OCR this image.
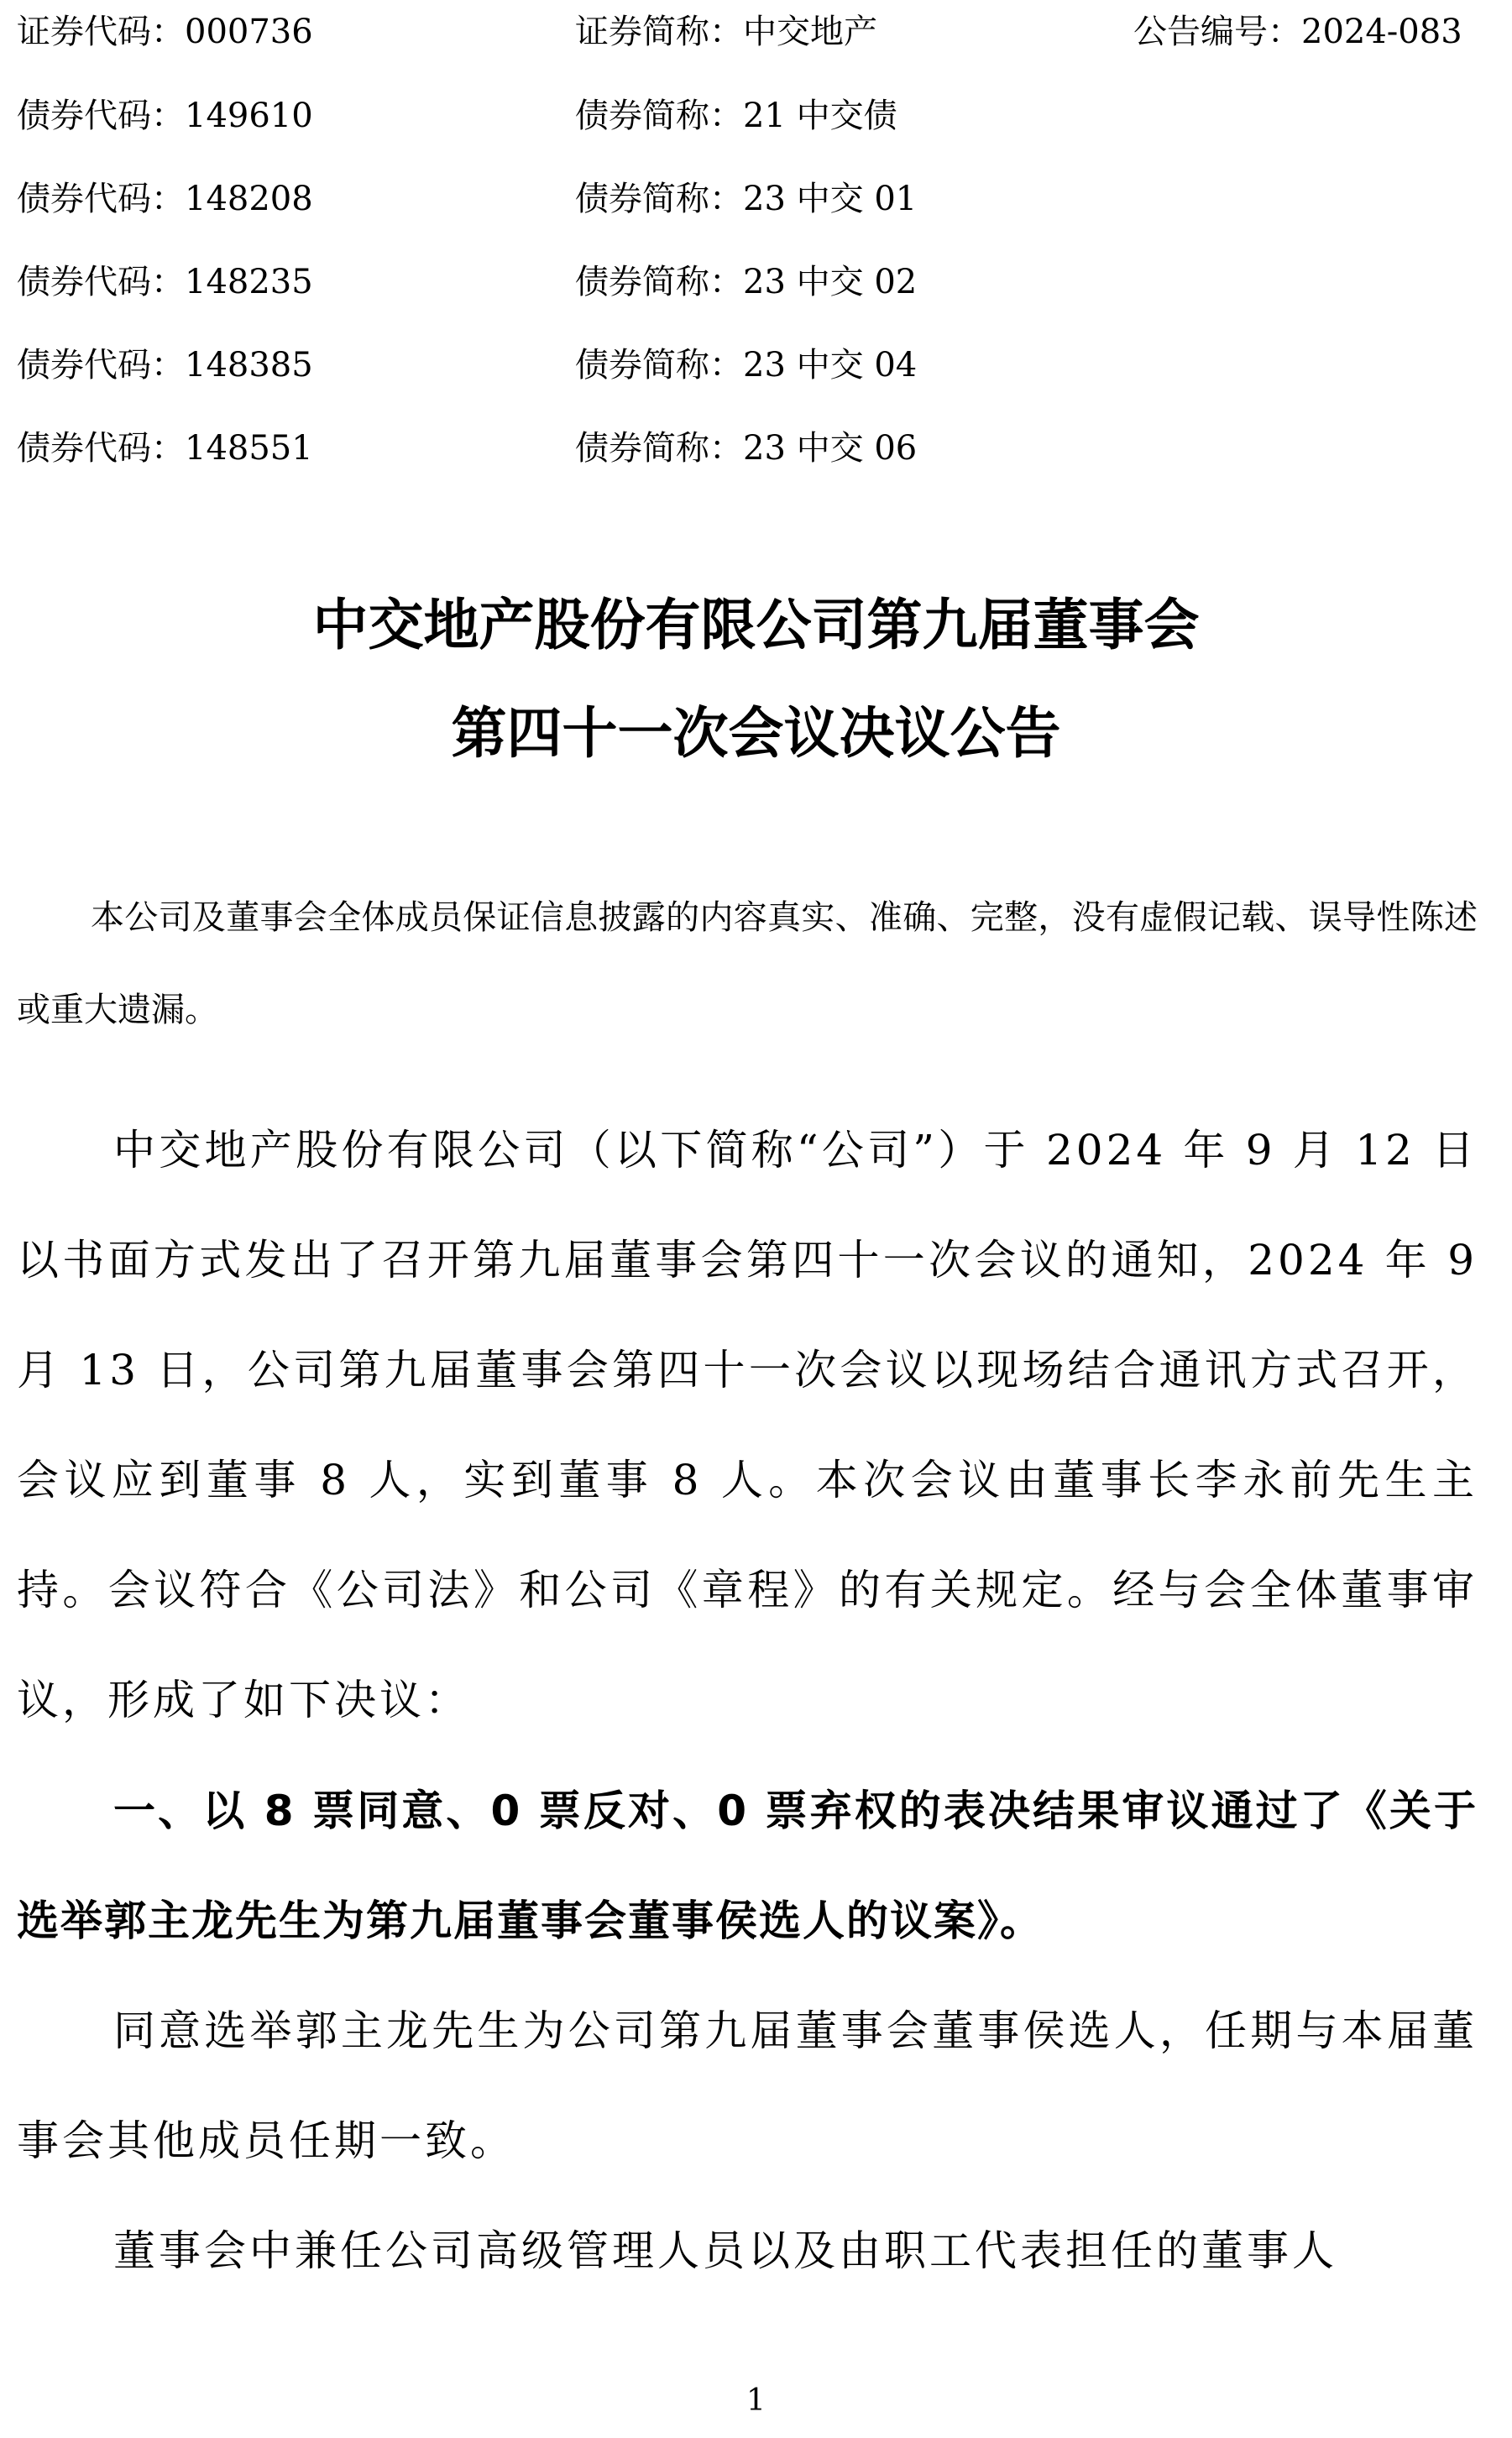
证券代码：000736	证券简称：中交地产	公告编号：2024-083
债券代码：149610	债券简称：21 中交债
债券代码：148208	债券简称：23 中交 01
债券代码：148235	债券简称：23 中交 02
债券代码：148385	债券简称：23 中交 04
债券代码：148551	债券简称：23 中交 06
中交地产股份有限公司第九届董事会
第四十一次会议决议公告
本公司及董事会全体成员保证信息披露的内容真实、准确、完整，没有虚假记载、误导性陈述或重大遗漏。
中交地产股份有限公司（以下简称“公司”）于 2024 年 9 月 12 日以书面方式发出了召开第九届董事会第四十一次会议的通知，2024 年 9 月 13 日，公司第九届董事会第四十一次会议以现场结合通讯方式召开，会议应到董事 8 人，实到董事 8 人。本次会议由董事长李永前先生主持。会议符合《公司法》和公司《章程》的有关规定。经与会全体董事审议，形成了如下决议：
一、以 8 票同意、0 票反对、0 票弃权的表决结果审议通过了《关于选举郭主龙先生为第九届董事会董事侯选人的议案》。
同意选举郭主龙先生为公司第九届董事会董事侯选人，任期与本届董事会其他成员任期一致。
董事会中兼任公司高级管理人员以及由职工代表担任的董事人
1
